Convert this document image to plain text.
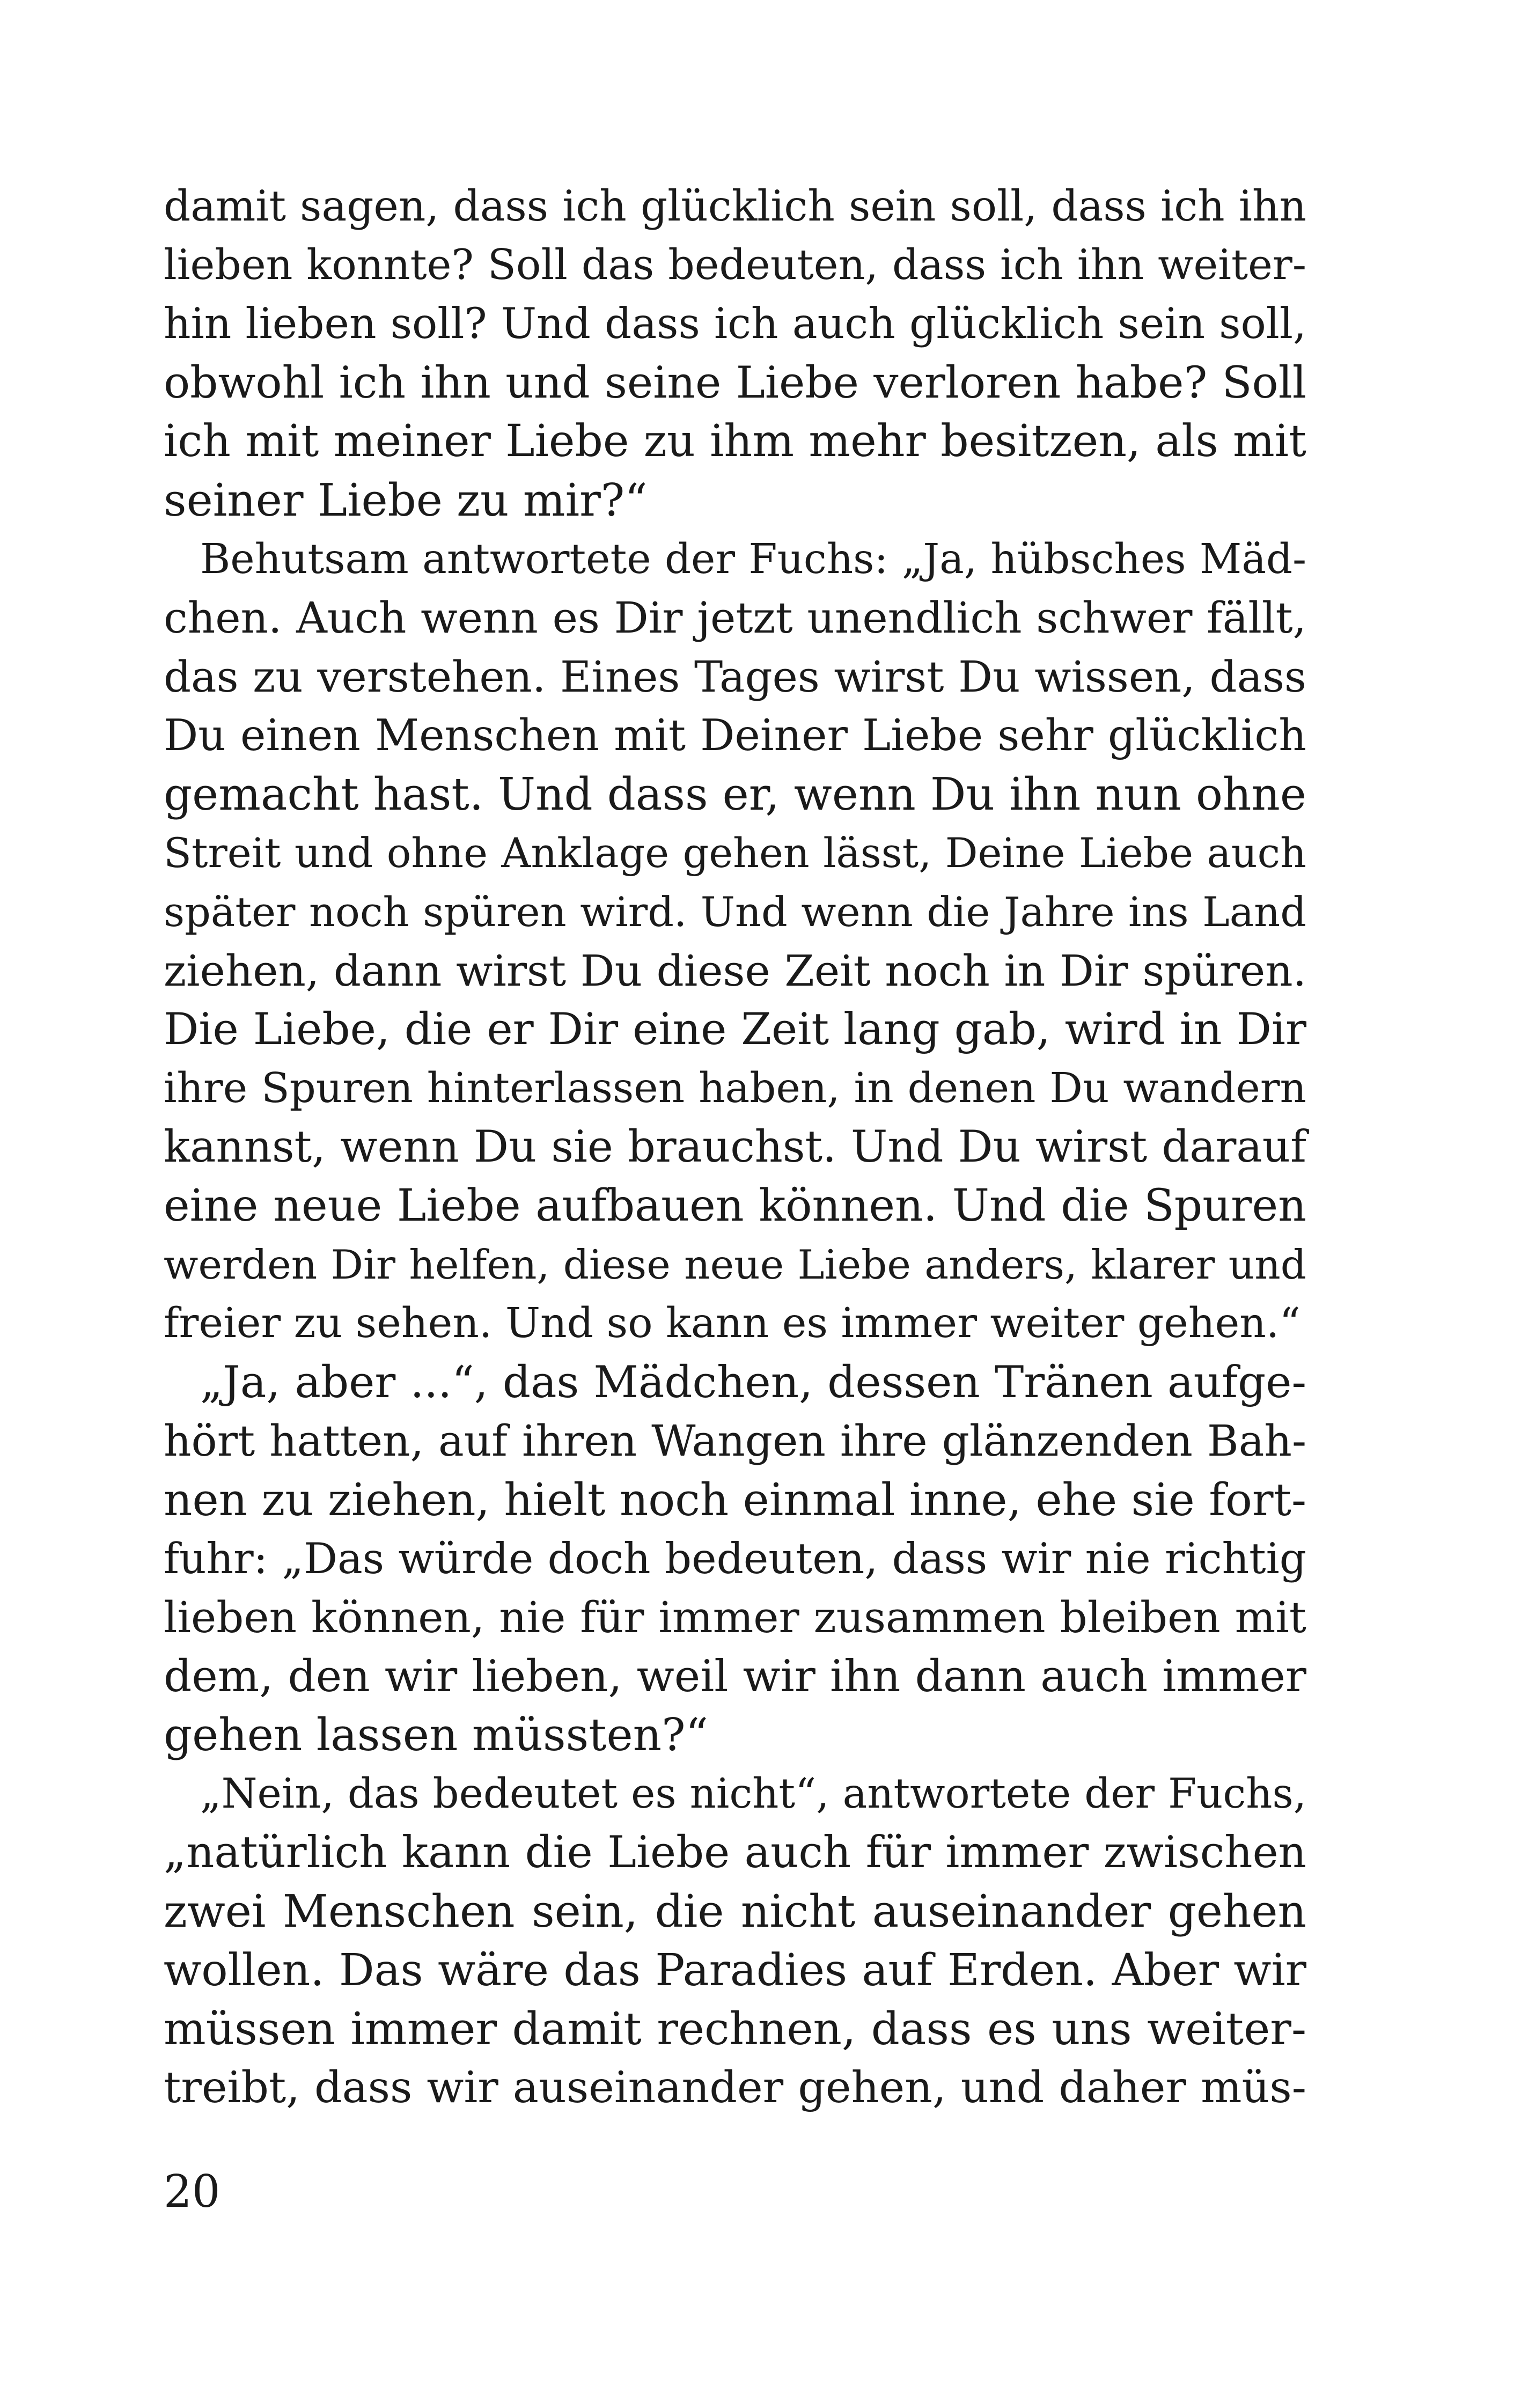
damit sagen, dass ich glücklich sein soll, dass ich ihn
lieben konnte? Soll das bedeuten, dass ich ihn weiter-
hin lieben soll? Und dass ich auch glücklich sein soll,
obwohl ich ihn und seine Liebe verloren habe? Soll
ich mit meiner Liebe zu ihm mehr besitzen, als mit
seiner Liebe zu mir?“
Behutsam antwortete der Fuchs: „Ja, hübsches Mäd-
chen. Auch wenn es Dir jetzt unendlich schwer fällt,
das zu verstehen. Eines Tages wirst Du wissen, dass
Du einen Menschen mit Deiner Liebe sehr glücklich
gemacht hast. Und dass er, wenn Du ihn nun ohne
Streit und ohne Anklage gehen lässt, Deine Liebe auch
später noch spüren wird. Und wenn die Jahre ins Land
ziehen, dann wirst Du diese Zeit noch in Dir spüren.
Die Liebe, die er Dir eine Zeit lang gab, wird in Dir
ihre Spuren hinterlassen haben, in denen Du wandern
kannst, wenn Du sie brauchst. Und Du wirst darauf
eine neue Liebe aufbauen können. Und die Spuren
werden Dir helfen, diese neue Liebe anders, klarer und
freier zu sehen. Und so kann es immer weiter gehen.“
„Ja, aber ...“, das Mädchen, dessen Tränen aufge-
hört hatten, auf ihren Wangen ihre glänzenden Bah-
nen zu ziehen, hielt noch einmal inne, ehe sie fort-
fuhr: „Das würde doch bedeuten, dass wir nie richtig
lieben können, nie für immer zusammen bleiben mit
dem, den wir lieben, weil wir ihn dann auch immer
gehen lassen müssten?“
„Nein, das bedeutet es nicht“, antwortete der Fuchs,
„natürlich kann die Liebe auch für immer zwischen
zwei Menschen sein, die nicht auseinander gehen
wollen. Das wäre das Paradies auf Erden. Aber wir
müssen immer damit rechnen, dass es uns weiter-
treibt, dass wir auseinander gehen, und daher müs-
20
